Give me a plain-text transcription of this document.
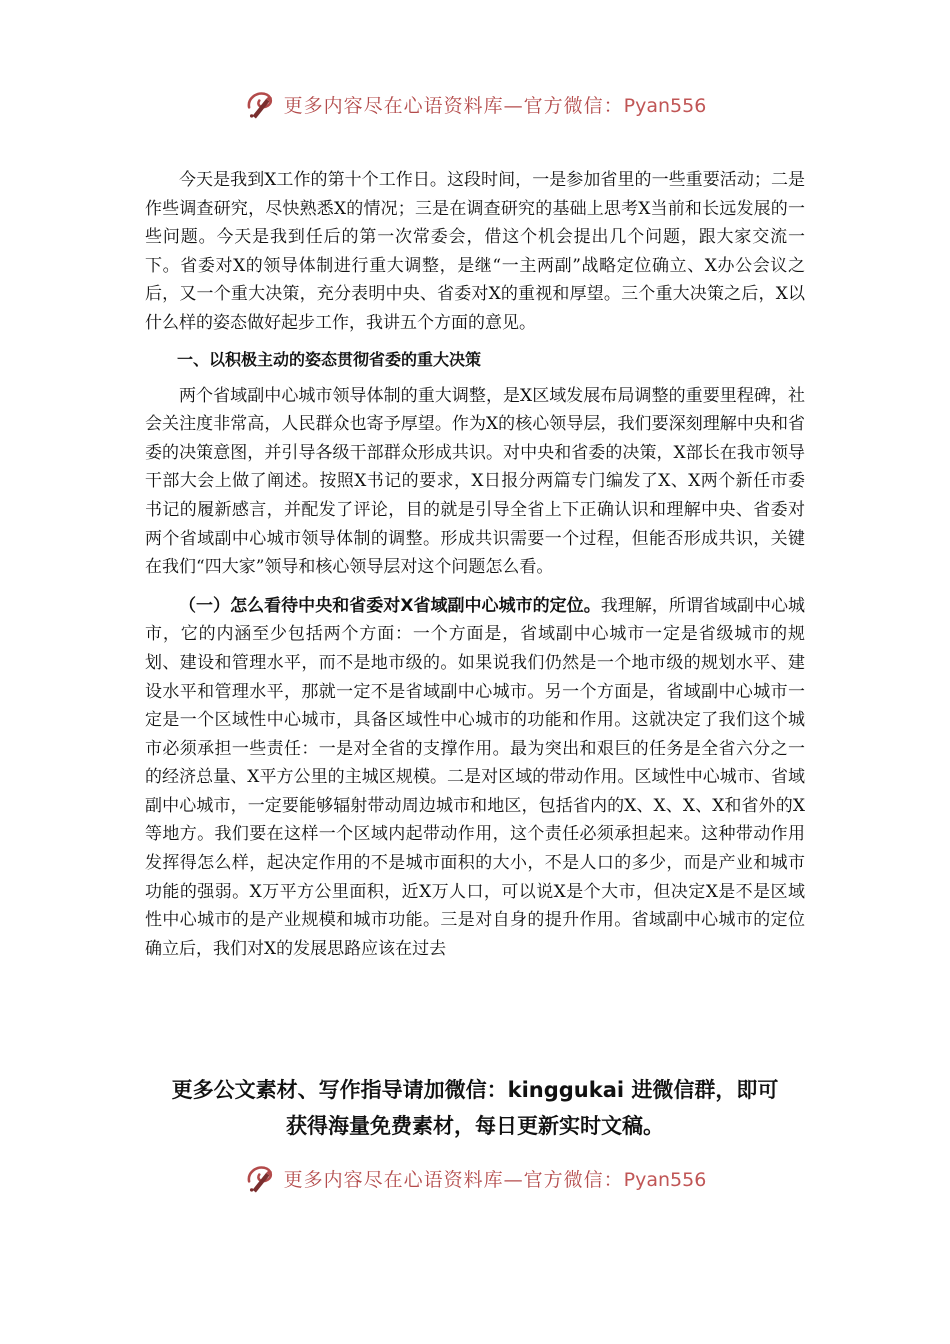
更多内容尽在心语资料库—官方微信：Pyan556

今天是我到X工作的第十个工作日。这段时间，一是参加省里的一些重要活动；二是作些调查研究，尽快熟悉X的情况；三是在调查研究的基础上思考X当前和长远发展的一些问题。今天是我到任后的第一次常委会，借这个机会提出几个问题，跟大家交流一下。省委对X的领导体制进行重大调整，是继“一主两副”战略定位确立、X办公会议之后，又一个重大决策，充分表明中央、省委对X的重视和厚望。三个重大决策之后，X以什么样的姿态做好起步工作，我讲五个方面的意见。

一、以积极主动的姿态贯彻省委的重大决策

两个省域副中心城市领导体制的重大调整，是X区域发展布局调整的重要里程碑，社会关注度非常高，人民群众也寄予厚望。作为X的核心领导层，我们要深刻理解中央和省委的决策意图，并引导各级干部群众形成共识。对中央和省委的决策，X部长在我市领导干部大会上做了阐述。按照X书记的要求，X日报分两篇专门编发了X、X两个新任市委书记的履新感言，并配发了评论，目的就是引导全省上下正确认识和理解中央、省委对两个省域副中心城市领导体制的调整。形成共识需要一个过程，但能否形成共识，关键在我们“四大家”领导和核心领导层对这个问题怎么看。

（一）怎么看待中央和省委对X省域副中心城市的定位。我理解，所谓省域副中心城市，它的内涵至少包括两个方面：一个方面是，省域副中心城市一定是省级城市的规划、建设和管理水平，而不是地市级的。如果说我们仍然是一个地市级的规划水平、建设水平和管理水平，那就一定不是省域副中心城市。另一个方面是，省域副中心城市一定是一个区域性中心城市，具备区域性中心城市的功能和作用。这就决定了我们这个城市必须承担一些责任：一是对全省的支撑作用。最为突出和艰巨的任务是全省六分之一的经济总量、X平方公里的主城区规模。二是对区域的带动作用。区域性中心城市、省域副中心城市，一定要能够辐射带动周边城市和地区，包括省内的X、X、X、X和省外的X等地方。我们要在这样一个区域内起带动作用，这个责任必须承担起来。这种带动作用发挥得怎么样，起决定作用的不是城市面积的大小，不是人口的多少，而是产业和城市功能的强弱。X万平方公里面积，近X万人口，可以说X是个大市，但决定X是不是区域性中心城市的是产业规模和城市功能。三是对自身的提升作用。省域副中心城市的定位确立后，我们对X的发展思路应该在过去

更多公文素材、写作指导请加微信：kinggukai 进微信群，即可
获得海量免费素材，每日更新实时文稿。
更多内容尽在心语资料库—官方微信：Pyan556
